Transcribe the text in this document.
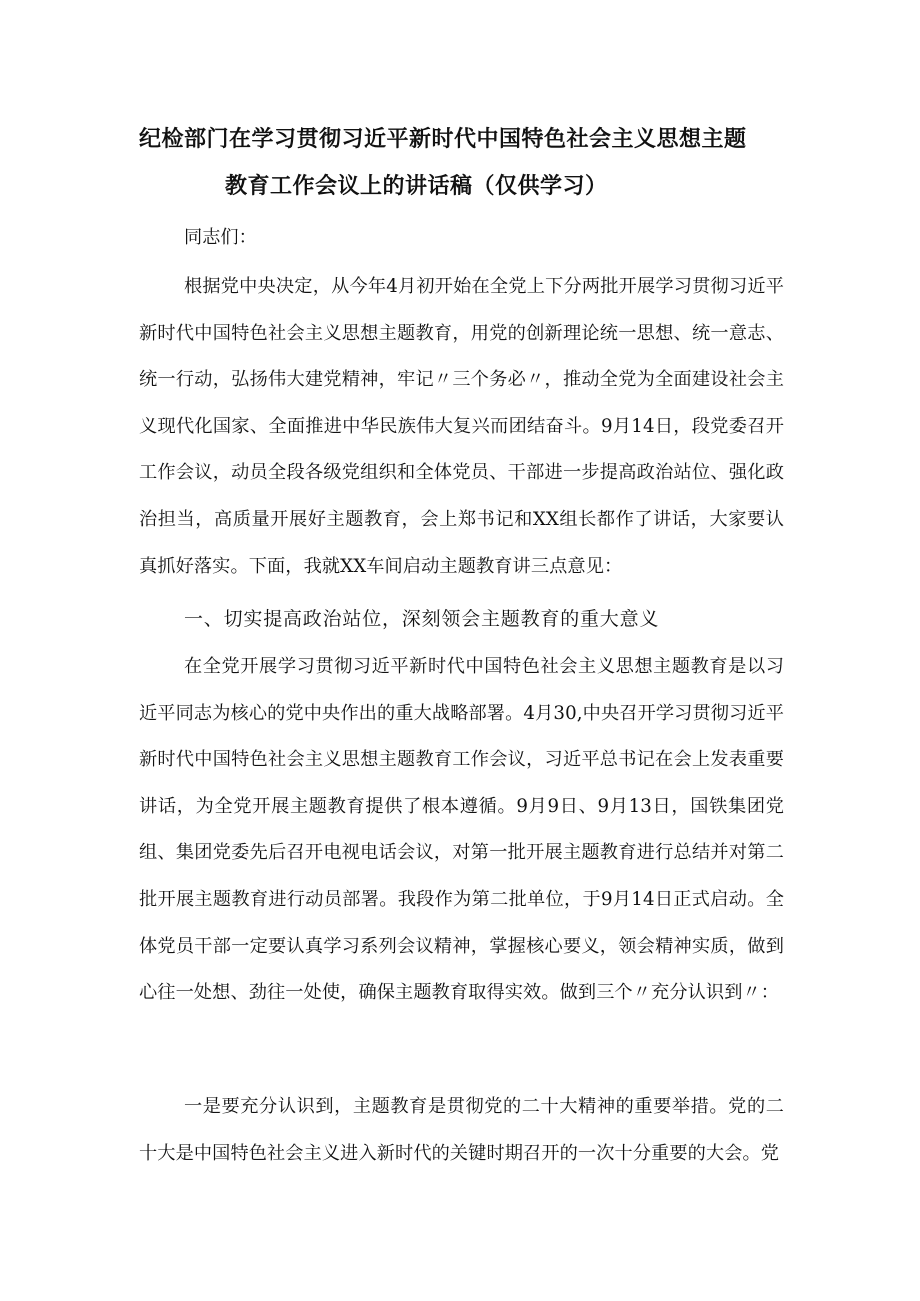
纪检部门在学习贯彻习近平新时代中国特色社会主义思想主题
教育工作会议上的讲话稿（仅供学习）
同志们：

根据党中央决定，从今年4月初开始在全党上下分两批开展学习贯彻习近平新时代中国特色社会主义思想主题教育，用党的创新理论统一思想、统一意志、统一行动，弘扬伟大建党精神，牢记〃三个务必〃，推动全党为全面建设社会主义现代化国家、全面推进中华民族伟大复兴而团结奋斗。9月14日，段党委召开工作会议，动员全段各级党组织和全体党员、干部进一步提高政治站位、强化政治担当，高质量开展好主题教育，会上郑书记和XX组长都作了讲话，大家要认真抓好落实。下面，我就XX车间启动主题教育讲三点意见：

一、切实提高政治站位，深刻领会主题教育的重大意义

在全党开展学习贯彻习近平新时代中国特色社会主义思想主题教育是以习近平同志为核心的党中央作出的重大战略部署。4月30,中央召开学习贯彻习近平新时代中国特色社会主义思想主题教育工作会议，习近平总书记在会上发表重要讲话，为全党开展主题教育提供了根本遵循。9月9日、9月13日，国铁集团党组、集团党委先后召开电视电话会议，对第一批开展主题教育进行总结并对第二批开展主题教育进行动员部署。我段作为第二批单位，于9月14日正式启动。全体党员干部一定要认真学习系列会议精神，掌握核心要义，领会精神实质，做到心往一处想、劲往一处使，确保主题教育取得实效。做到三个〃充分认识到〃：

一是要充分认识到，主题教育是贯彻党的二十大精神的重要举措。党的二十大是中国特色社会主义进入新时代的关键时期召开的一次十分重要的大会。党
